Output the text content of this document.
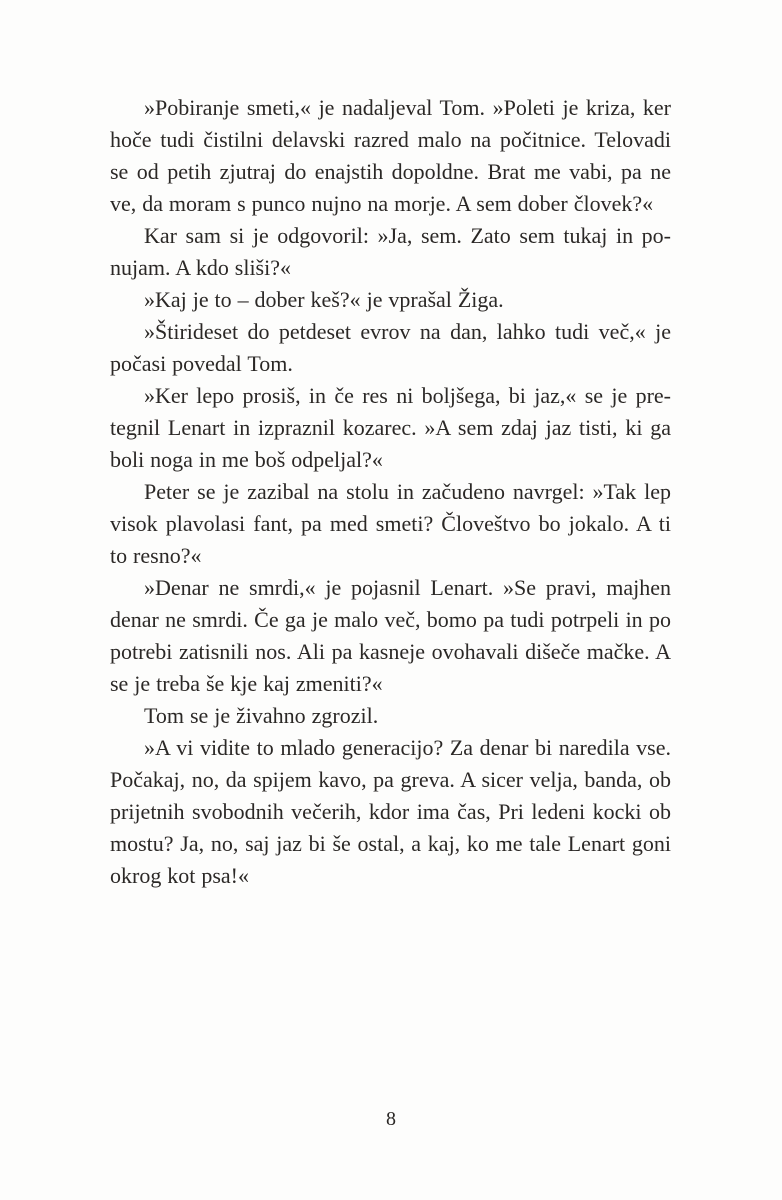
»Pobiranje smeti,« je nadaljeval Tom. »Poleti je kriza, ker hoče tudi čistilni delavski razred malo na počitnice. Telovadi se od petih zjutraj do enajstih dopoldne. Brat me vabi, pa ne ve, da moram s punco nujno na morje. A sem dober človek?«

Kar sam si je odgovoril: »Ja, sem. Zato sem tukaj in ponujam. A kdo sliši?«

»Kaj je to – dober keš?« je vprašal Žiga.

»Štirideset do petdeset evrov na dan, lahko tudi več,« je počasi povedal Tom.

»Ker lepo prosiš, in če res ni boljšega, bi jaz,« se je pretegnil Lenart in izpraznil kozarec. »A sem zdaj jaz tisti, ki ga boli noga in me boš odpeljal?«

Peter se je zazibal na stolu in začudeno navrgel: »Tak lep visok plavolasi fant, pa med smeti? Človeštvo bo jokalo. A ti to resno?«

»Denar ne smrdi,« je pojasnil Lenart. »Se pravi, majhen denar ne smrdi. Če ga je malo več, bomo pa tudi potrpeli in po potrebi zatisnili nos. Ali pa kasneje ovohavali dišeče mačke. A se je treba še kje kaj zmeniti?«

Tom se je živahno zgrozil.

»A vi vidite to mlado generacijo? Za denar bi naredila vse. Počakaj, no, da spijem kavo, pa greva. A sicer velja, banda, ob prijetnih svobodnih večerih, kdor ima čas, Pri ledeni kocki ob mostu? Ja, no, saj jaz bi še ostal, a kaj, ko me tale Lenart goni okrog kot psa!«

8
